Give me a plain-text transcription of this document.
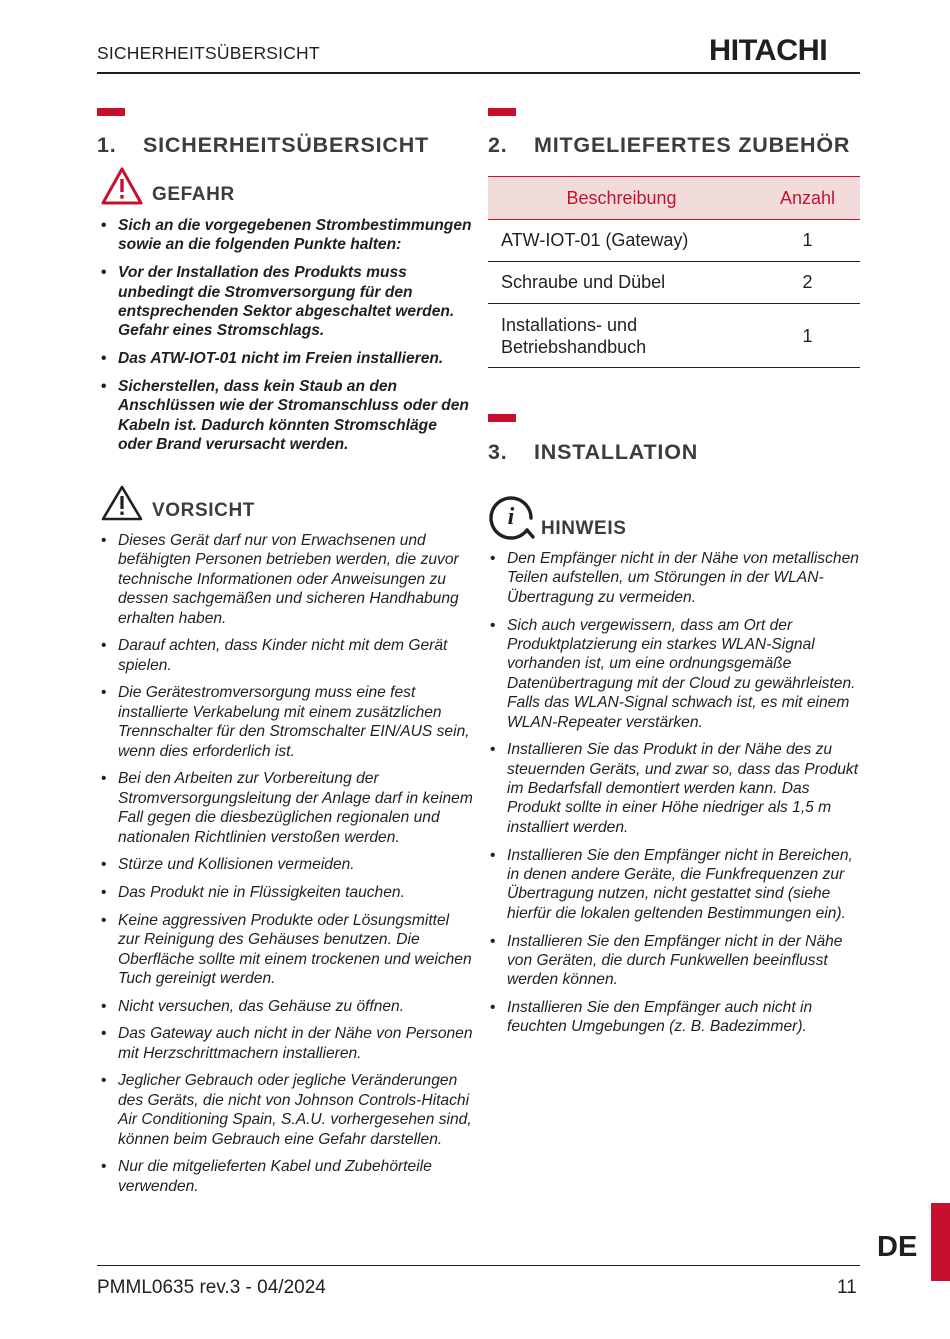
SICHERHEITSÜBERSICHT	HITACHI
1. SICHERHEITSÜBERSICHT
GEFAHR
• Sich an die vorgegebenen Strombestimmungen sowie an die folgenden Punkte halten:
• Vor der Installation des Produkts muss unbedingt die Stromversorgung für den entsprechenden Sektor abgeschaltet werden. Gefahr eines Stromschlags.
• Das ATW-IOT-01 nicht im Freien installieren.
• Sicherstellen, dass kein Staub an den Anschlüssen wie der Stromanschluss oder den Kabeln ist. Dadurch könnten Stromschläge oder Brand verursacht werden.
VORSICHT
• Dieses Gerät darf nur von Erwachsenen und befähigten Personen betrieben werden, die zuvor technische Informationen oder Anweisungen zu dessen sachgemäßen und sicheren Handhabung erhalten haben.
• Darauf achten, dass Kinder nicht mit dem Gerät spielen.
• Die Gerätestromversorgung muss eine fest installierte Verkabelung mit einem zusätzlichen Trennschalter für den Stromschalter EIN/AUS sein, wenn dies erforderlich ist.
• Bei den Arbeiten zur Vorbereitung der Stromversorgungsleitung der Anlage darf in keinem Fall gegen die diesbezüglichen regionalen und nationalen Richtlinien verstoßen werden.
• Stürze und Kollisionen vermeiden.
• Das Produkt nie in Flüssigkeiten tauchen.
• Keine aggressiven Produkte oder Lösungsmittel zur Reinigung des Gehäuses benutzen. Die Oberfläche sollte mit einem trockenen und weichen Tuch gereinigt werden.
• Nicht versuchen, das Gehäuse zu öffnen.
• Das Gateway auch nicht in der Nähe von Personen mit Herzschrittmachern installieren.
• Jeglicher Gebrauch oder jegliche Veränderungen des Geräts, die nicht von Johnson Controls-Hitachi Air Conditioning Spain, S.A.U. vorhergesehen sind, können beim Gebrauch eine Gefahr darstellen.
• Nur die mitgelieferten Kabel und Zubehörteile verwenden.
2. MITGELIEFERTES ZUBEHÖR
Beschreibung	Anzahl
ATW-IOT-01 (Gateway)	1
Schraube und Dübel	2
Installations- und
Betriebshandbuch	1
3. INSTALLATION
i HINWEIS
• Den Empfänger nicht in der Nähe von metallischen Teilen aufstellen, um Störungen in der WLAN-Übertragung zu vermeiden.
• Sich auch vergewissern, dass am Ort der Produktplatzierung ein starkes WLAN-Signal vorhanden ist, um eine ordnungsgemäße Datenübertragung mit der Cloud zu gewährleisten. Falls das WLAN-Signal schwach ist, es mit einem WLAN-Repeater verstärken.
• Installieren Sie das Produkt in der Nähe des zu steuernden Geräts, und zwar so, dass das Produkt im Bedarfsfall demontiert werden kann. Das Produkt sollte in einer Höhe niedriger als 1,5 m installiert werden.
• Installieren Sie den Empfänger nicht in Bereichen, in denen andere Geräte, die Funkfrequenzen zur Übertragung nutzen, nicht gestattet sind (siehe hierfür die lokalen geltenden Bestimmungen ein).
• Installieren Sie den Empfänger nicht in der Nähe von Geräten, die durch Funkwellen beeinflusst werden können.
• Installieren Sie den Empfänger auch nicht in feuchten Umgebungen (z. B. Badezimmer).
DE
PMML0635 rev.3 - 04/2024	11
